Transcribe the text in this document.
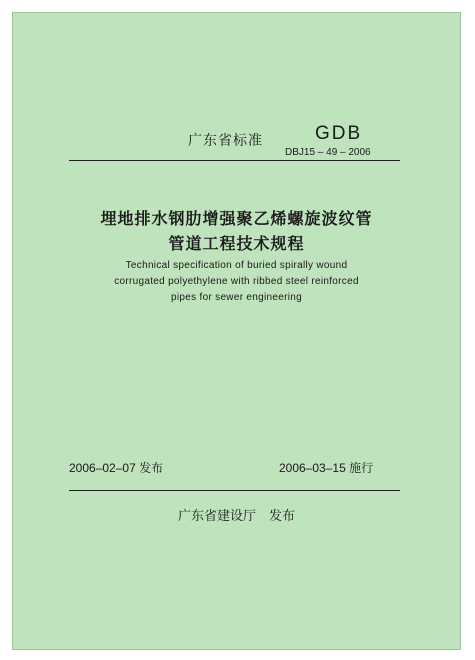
广东省标准	GDB
DBJ15 – 49 – 2006
埋地排水钢肋增强聚乙烯螺旋波纹管
管道工程技术规程
Technical specification of buried spirally wound
corrugated polyethylene with ribbed steel reinforced
pipes for sewer engineering
2006–02–07 发布	2006–03–15 施行
广东省建设厅　发布
